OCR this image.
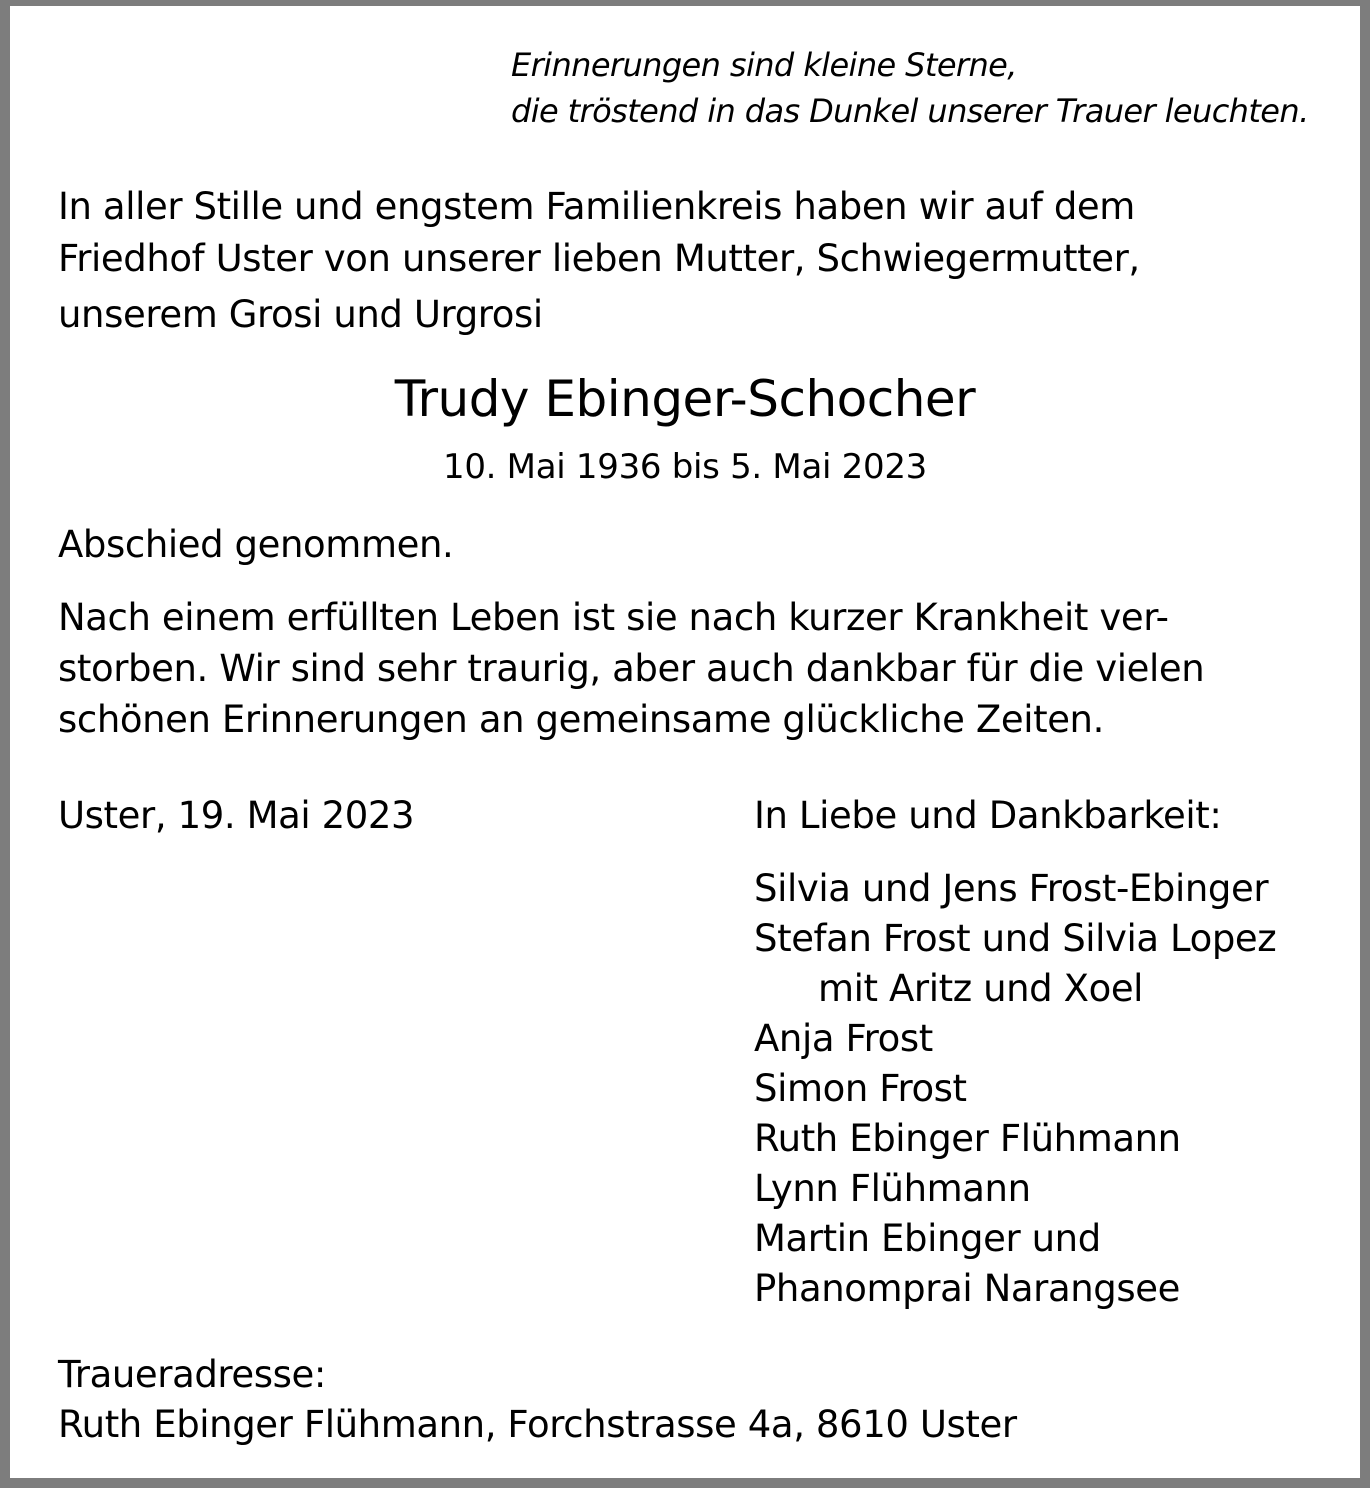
Erinnerungen sind kleine Sterne,
die tröstend in das Dunkel unserer Trauer leuchten.
In aller Stille und engstem Familienkreis haben wir auf dem
Friedhof Uster von unserer lieben Mutter, Schwiegermutter,
unserem Grosi und Urgrosi
Trudy Ebinger-Schocher
10. Mai 1936 bis 5. Mai 2023
Abschied genommen.
Nach einem erfüllten Leben ist sie nach kurzer Krankheit ver-
storben. Wir sind sehr traurig, aber auch dankbar für die vielen
schönen Erinnerungen an gemeinsame glückliche Zeiten.
Uster, 19. Mai 2023	In Liebe und Dankbarkeit:
Silvia und Jens Frost-Ebinger
Stefan Frost und Silvia Lopez
mit Aritz und Xoel
Anja Frost
Simon Frost
Ruth Ebinger Flühmann
Lynn Flühmann
Martin Ebinger und
Phanomprai Narangsee
Traueradresse:
Ruth Ebinger Flühmann, Forchstrasse 4a, 8610 Uster
